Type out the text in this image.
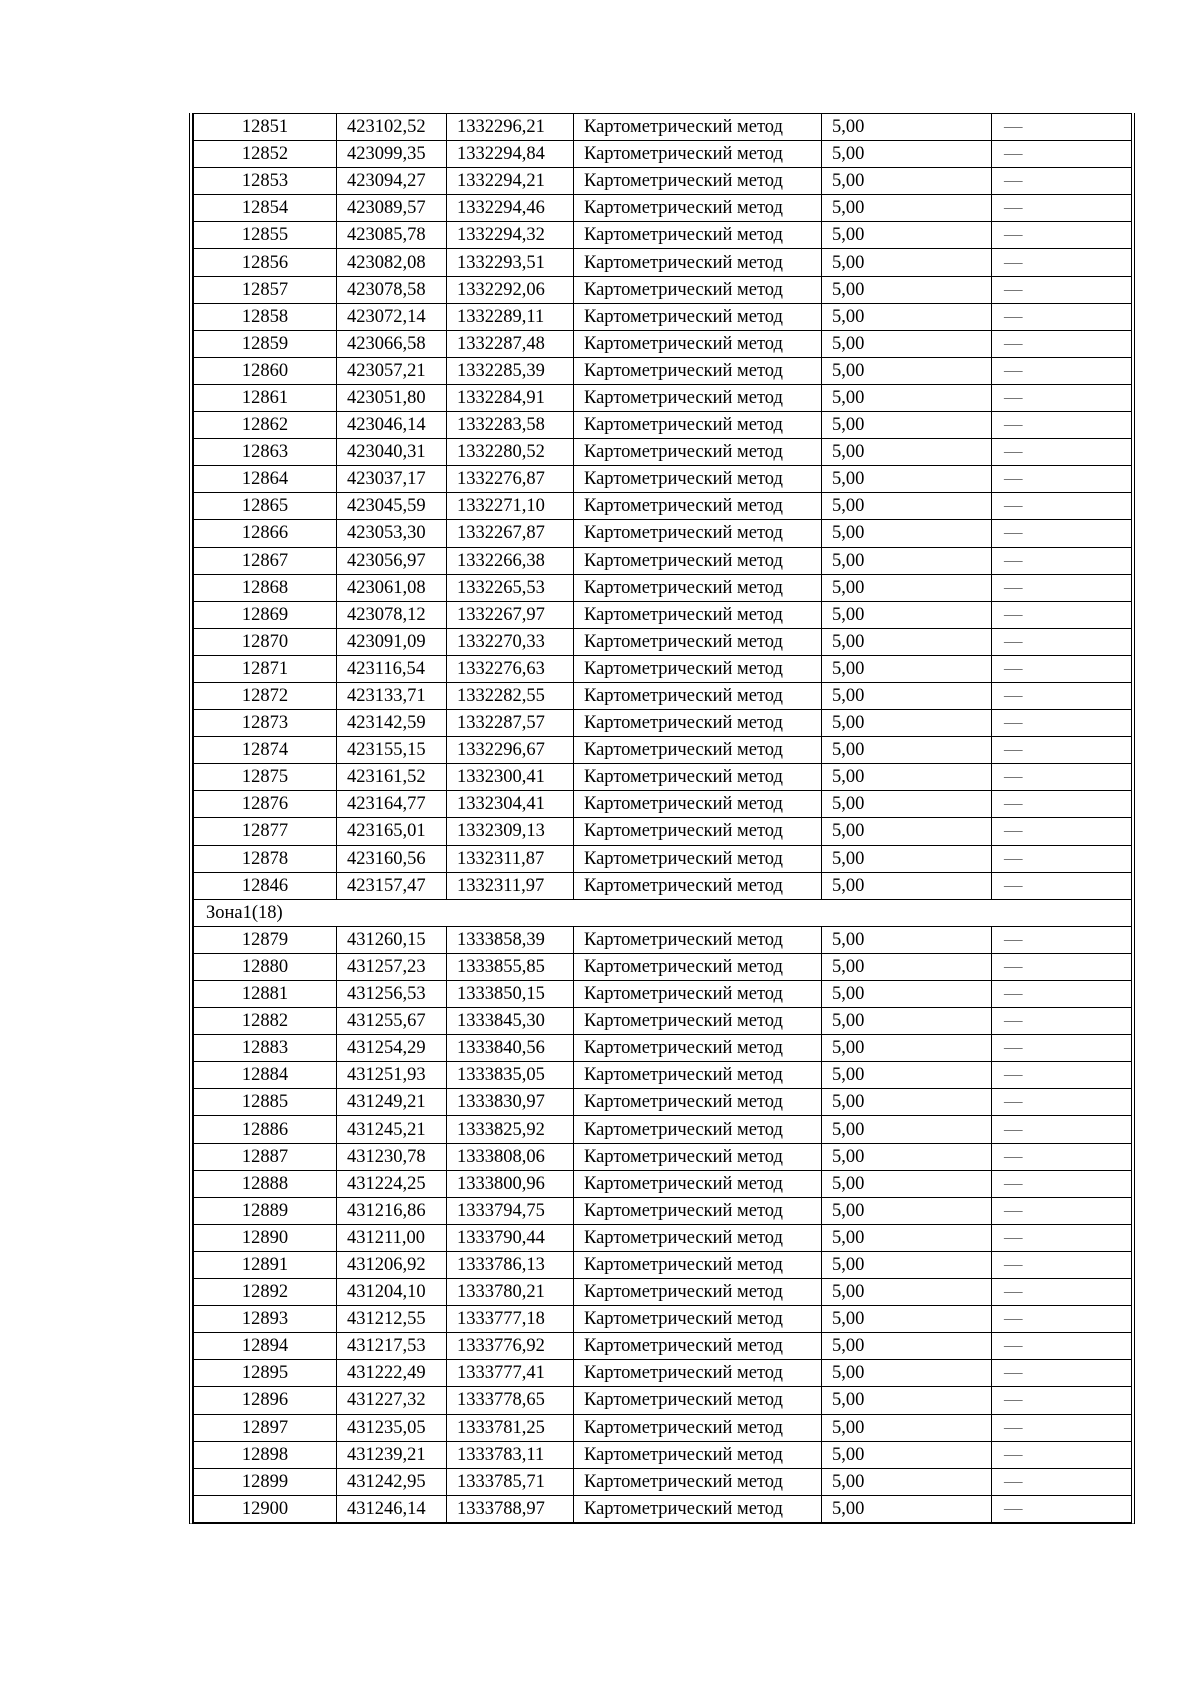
12851	423102,52	1332296,21	Картометрический метод	5,00	—
12852	423099,35	1332294,84	Картометрический метод	5,00	—
12853	423094,27	1332294,21	Картометрический метод	5,00	—
12854	423089,57	1332294,46	Картометрический метод	5,00	—
12855	423085,78	1332294,32	Картометрический метод	5,00	—
12856	423082,08	1332293,51	Картометрический метод	5,00	—
12857	423078,58	1332292,06	Картометрический метод	5,00	—
12858	423072,14	1332289,11	Картометрический метод	5,00	—
12859	423066,58	1332287,48	Картометрический метод	5,00	—
12860	423057,21	1332285,39	Картометрический метод	5,00	—
12861	423051,80	1332284,91	Картометрический метод	5,00	—
12862	423046,14	1332283,58	Картометрический метод	5,00	—
12863	423040,31	1332280,52	Картометрический метод	5,00	—
12864	423037,17	1332276,87	Картометрический метод	5,00	—
12865	423045,59	1332271,10	Картометрический метод	5,00	—
12866	423053,30	1332267,87	Картометрический метод	5,00	—
12867	423056,97	1332266,38	Картометрический метод	5,00	—
12868	423061,08	1332265,53	Картометрический метод	5,00	—
12869	423078,12	1332267,97	Картометрический метод	5,00	—
12870	423091,09	1332270,33	Картометрический метод	5,00	—
12871	423116,54	1332276,63	Картометрический метод	5,00	—
12872	423133,71	1332282,55	Картометрический метод	5,00	—
12873	423142,59	1332287,57	Картометрический метод	5,00	—
12874	423155,15	1332296,67	Картометрический метод	5,00	—
12875	423161,52	1332300,41	Картометрический метод	5,00	—
12876	423164,77	1332304,41	Картометрический метод	5,00	—
12877	423165,01	1332309,13	Картометрический метод	5,00	—
12878	423160,56	1332311,87	Картометрический метод	5,00	—
12846	423157,47	1332311,97	Картометрический метод	5,00	—
Зона1(18)					
12879	431260,15	1333858,39	Картометрический метод	5,00	—
12880	431257,23	1333855,85	Картометрический метод	5,00	—
12881	431256,53	1333850,15	Картометрический метод	5,00	—
12882	431255,67	1333845,30	Картометрический метод	5,00	—
12883	431254,29	1333840,56	Картометрический метод	5,00	—
12884	431251,93	1333835,05	Картометрический метод	5,00	—
12885	431249,21	1333830,97	Картометрический метод	5,00	—
12886	431245,21	1333825,92	Картометрический метод	5,00	—
12887	431230,78	1333808,06	Картометрический метод	5,00	—
12888	431224,25	1333800,96	Картометрический метод	5,00	—
12889	431216,86	1333794,75	Картометрический метод	5,00	—
12890	431211,00	1333790,44	Картометрический метод	5,00	—
12891	431206,92	1333786,13	Картометрический метод	5,00	—
12892	431204,10	1333780,21	Картометрический метод	5,00	—
12893	431212,55	1333777,18	Картометрический метод	5,00	—
12894	431217,53	1333776,92	Картометрический метод	5,00	—
12895	431222,49	1333777,41	Картометрический метод	5,00	—
12896	431227,32	1333778,65	Картометрический метод	5,00	—
12897	431235,05	1333781,25	Картометрический метод	5,00	—
12898	431239,21	1333783,11	Картометрический метод	5,00	—
12899	431242,95	1333785,71	Картометрический метод	5,00	—
12900	431246,14	1333788,97	Картометрический метод	5,00	—
